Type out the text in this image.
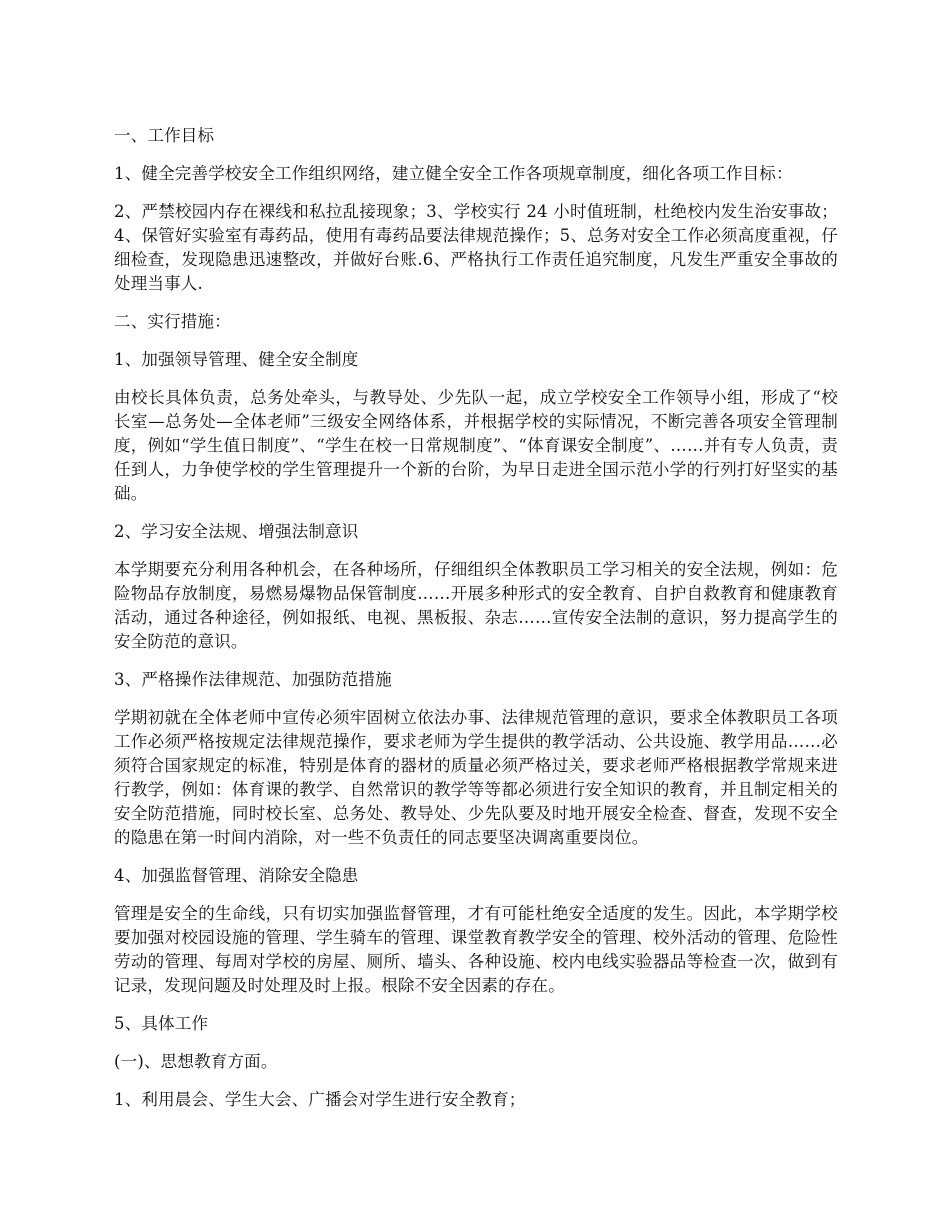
一、工作目标

1、健全完善学校安全工作组织网络，建立健全安全工作各项规章制度，细化各项工作目标：

2、严禁校园内存在裸线和私拉乱接现象；3、学校实行 24 小时值班制，杜绝校内发生治安事故；4、保管好实验室有毒药品，使用有毒药品要法律规范操作；5、总务对安全工作必须高度重视，仔细检查，发现隐患迅速整改，并做好台账.6、严格执行工作责任追究制度，凡发生严重安全事故的处理当事人.

二、实行措施：

1、加强领导管理、健全安全制度

由校长具体负责，总务处牵头，与教导处、少先队一起，成立学校安全工作领导小组，形成了“校长室—总务处—全体老师”三级安全网络体系，并根据学校的实际情况，不断完善各项安全管理制度，例如“学生值日制度”、“学生在校一日常规制度”、“体育课安全制度”、……并有专人负责，责任到人，力争使学校的学生管理提升一个新的台阶，为早日走进全国示范小学的行列打好坚实的基础。

2、学习安全法规、增强法制意识

本学期要充分利用各种机会，在各种场所，仔细组织全体教职员工学习相关的安全法规，例如：危险物品存放制度，易燃易爆物品保管制度……开展多种形式的安全教育、自护自救教育和健康教育活动，通过各种途径，例如报纸、电视、黑板报、杂志……宣传安全法制的意识，努力提高学生的安全防范的意识。

3、严格操作法律规范、加强防范措施

学期初就在全体老师中宣传必须牢固树立依法办事、法律规范管理的意识，要求全体教职员工各项工作必须严格按规定法律规范操作，要求老师为学生提供的教学活动、公共设施、教学用品……必须符合国家规定的标准，特别是体育的器材的质量必须严格过关，要求老师严格根据教学常规来进行教学，例如：体育课的教学、自然常识的教学等等都必须进行安全知识的教育，并且制定相关的安全防范措施，同时校长室、总务处、教导处、少先队要及时地开展安全检查、督查，发现不安全的隐患在第一时间内消除，对一些不负责任的同志要坚决调离重要岗位。

4、加强监督管理、消除安全隐患

管理是安全的生命线，只有切实加强监督管理，才有可能杜绝安全适度的发生。因此，本学期学校要加强对校园设施的管理、学生骑车的管理、课堂教育教学安全的管理、校外活动的管理、危险性劳动的管理、每周对学校的房屋、厕所、墙头、各种设施、校内电线实验器品等检查一次，做到有记录，发现问题及时处理及时上报。根除不安全因素的存在。

5、具体工作

(一)、思想教育方面。

1、利用晨会、学生大会、广播会对学生进行安全教育；
